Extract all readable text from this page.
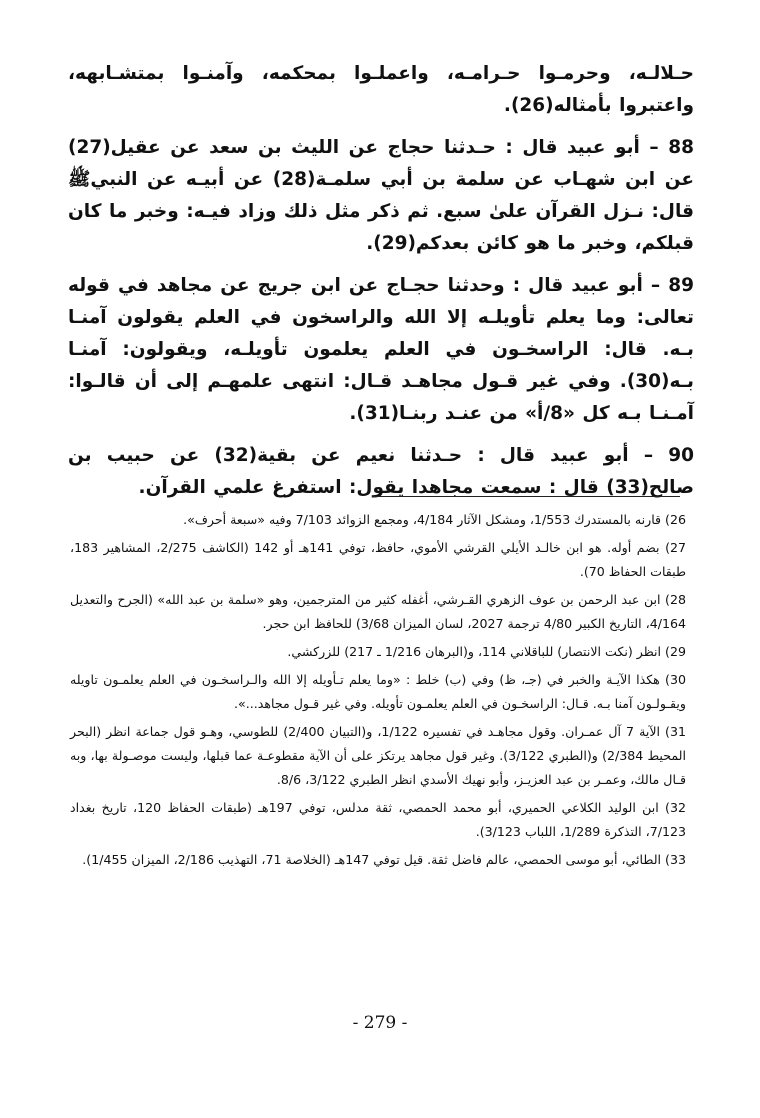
حـلالـه، وحرمـوا حـرامـه، واعملـوا بمحكمه، وآمنـوا بمتشـابهه، واعتبروا بأمثاله(26).

88 – أبو عبيد قال : حـدثنا حجاج عن الليث بن سعد عن عقيل(27) عن ابن شهـاب عن سلمة بن أبي سلمـة(28) عن أبيـه عن النبيﷺ قال: نـزل القرآن علىٰ سبع. ثم ذكر مثل ذلك وزاد فيـه: وخبر ما كان قبلكم، وخبر ما هو كائن بعدكم(29).

89 – أبو عبيد قال : وحدثنا حجـاج عن ابن جريج عن مجاهد في قوله تعالى: وما يعلم تأويلـه إلا الله والراسخون في العلم يقولون آمنـا بـه. قال: الراسخـون في العلم يعلمون تأويلـه، ويقولون: آمنـا بـه(30). وفي غير قـول مجاهـد قـال: انتهى علمهـم إلى أن قالـوا: آمـنـا بـه كل «8/أ» من عنـد ربنـا(31).

90 – أبو عبيد قال : حـدثنا نعيم عن بقية(32) عن حبيب بن صالح(33) قال : سمعت مجاهدا يقول: استفرغ علمي القرآن.

26) قارنه بالمستدرك 1/553، ومشكل الآثار 4/184، ومجمع الزوائد 7/103 وفيه «سبعة أحرف».

27) بضم أوله. هو ابن خالـد الأيلي القرشي الأموي، حافظ، توفي 141هـ أو 142 (الكاشف 2/275، المشاهير 183، طبقات الحفاظ 70).

28) ابن عبد الرحمن بن عوف الزهري القـرشي، أغفله كثير من المترجمين، وهو «سلمة بن عبد الله» (الجرح والتعديل 4/164، التاريخ الكبير 4/80 ترجمة 2027، لسان الميزان 3/68) للحافظ ابن حجر.

29) انظر (نكت الانتصار) للباقلاني 114، و(البرهان 1/216 ـ 217) للزركشي.

30) هكذا الآيـة والخبر في (جـ، ظ) وفي (ب) خلط : «وما يعلم تـأويله إلا الله والـراسخـون في العلم يعلمـون تاويله ويقـولـون آمنا بـه. قـال: الراسخـون في العلم يعلمـون تأويله. وفي غير قـول مجاهد...».

31) الآية 7 آل عمـران. وقول مجاهـد في تفسيره 1/122، و(التبيان 2/400) للطوسي، وهـو قول جماعة انظر (البحر المحيط 2/384) و(الطبري 3/122). وغير قول مجاهد يرتكز على أن الآية مقطوعـة عما قبلها، وليست موصـولة بها، وبه قـال مالك، وعمـر بن عبد العزيـز، وأبو نهيك الأسدي انظر الطبري 3/122، 8/6.

32) ابن الوليد الكلاعي الحميري، أبو محمد الحمصي، ثقة مدلس، توفي 197هـ (طبقات الحفاظ 120، تاريخ بغداد 7/123، التذكرة 1/289، اللباب 3/123).

33) الطائي، أبو موسى الحمصي، عالم فاضل ثقة. قيل توفي 147هـ (الخلاصة 71، التهذيب 2/186، الميزان 1/455).

- 279 -
